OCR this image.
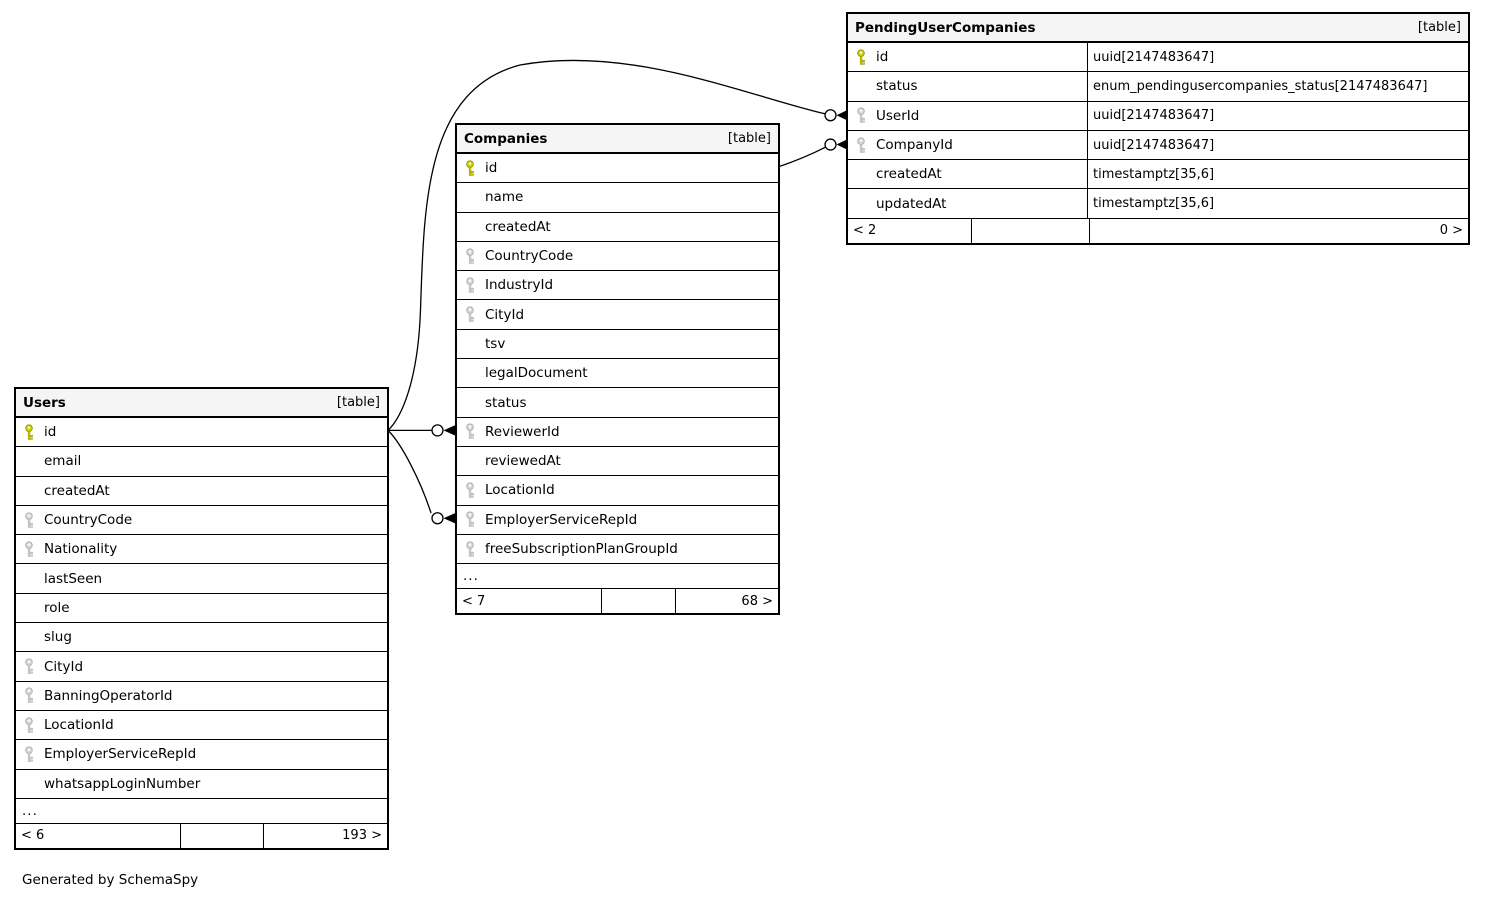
PendingUserCompanies	[table]
id	uuid[2147483647]
status	enum_pendingusercompanies_status[2147483647]
UserId	uuid[2147483647]
CompanyId	uuid[2147483647]
createdAt	timestamptz[35,6]
updatedAt	timestamptz[35,6]
< 2	0 >
Companies	[table]
id
name
createdAt
CountryCode
IndustryId
CityId
tsv
legalDocument
status
ReviewerId
reviewedAt
LocationId
EmployerServiceRepId
freeSubscriptionPlanGroupId
...
< 7	68 >
Users	[table]
id
email
createdAt
CountryCode
Nationality
lastSeen
role
slug
CityId
BanningOperatorId
LocationId
EmployerServiceRepId
whatsappLoginNumber
...
< 6	193 >
Generated by SchemaSpy
